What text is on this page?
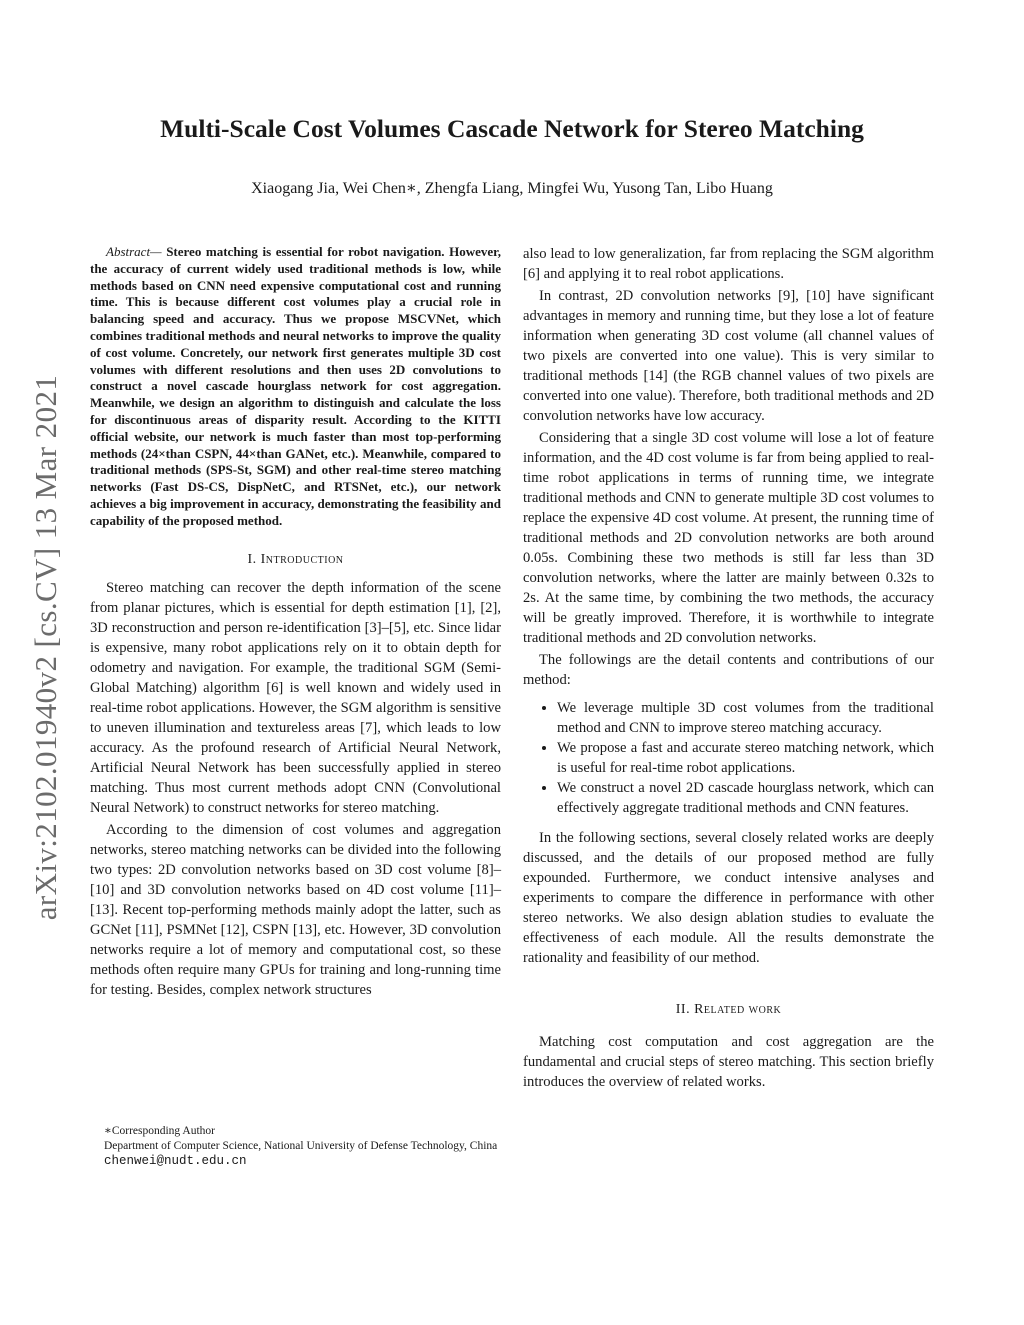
arXiv:2102.01940v2 [cs.CV] 13 Mar 2021
Multi-Scale Cost Volumes Cascade Network for Stereo Matching
Xiaogang Jia, Wei Chen∗, Zhengfa Liang, Mingfei Wu, Yusong Tan, Libo Huang

Abstract— Stereo matching is essential for robot navigation. However, the accuracy of current widely used traditional methods is low, while methods based on CNN need expensive computational cost and running time. This is because different cost volumes play a crucial role in balancing speed and accuracy. Thus we propose MSCVNet, which combines traditional methods and neural networks to improve the quality of cost volume. Concretely, our network first generates multiple 3D cost volumes with different resolutions and then uses 2D convolutions to construct a novel cascade hourglass network for cost aggregation. Meanwhile, we design an algorithm to distinguish and calculate the loss for discontinuous areas of disparity result. According to the KITTI official website, our network is much faster than most top-performing methods (24×than CSPN, 44×than GANet, etc.). Meanwhile, compared to traditional methods (SPS-St, SGM) and other real-time stereo matching networks (Fast DS-CS, DispNetC, and RTSNet, etc.), our network achieves a big improvement in accuracy, demonstrating the feasibility and capability of the proposed method.

I. Introduction

Stereo matching can recover the depth information of the scene from planar pictures, which is essential for depth estimation [1], [2], 3D reconstruction and person re-identification [3]–[5], etc. Since lidar is expensive, many robot applications rely on it to obtain depth for odometry and navigation. For example, the traditional SGM (Semi-Global Matching) algorithm [6] is well known and widely used in real-time robot applications. However, the SGM algorithm is sensitive to uneven illumination and textureless areas [7], which leads to low accuracy. As the profound research of Artificial Neural Network, Artificial Neural Network has been successfully applied in stereo matching. Thus most current methods adopt CNN (Convolutional Neural Network) to construct networks for stereo matching.

According to the dimension of cost volumes and aggregation networks, stereo matching networks can be divided into the following two types: 2D convolution networks based on 3D cost volume [8]–[10] and 3D convolution networks based on 4D cost volume [11]–[13]. Recent top-performing methods mainly adopt the latter, such as GCNet [11], PSMNet [12], CSPN [13], etc. However, 3D convolution networks require a lot of memory and computational cost, so these methods often require many GPUs for training and long-running time for testing. Besides, complex network structures

∗Corresponding Author
Department of Computer Science, National University of Defense Technology, China
chenwei@nudt.edu.cn

also lead to low generalization, far from replacing the SGM algorithm [6] and applying it to real robot applications.

In contrast, 2D convolution networks [9], [10] have significant advantages in memory and running time, but they lose a lot of feature information when generating 3D cost volume (all channel values of two pixels are converted into one value). This is very similar to traditional methods [14] (the RGB channel values of two pixels are converted into one value). Therefore, both traditional methods and 2D convolution networks have low accuracy.

Considering that a single 3D cost volume will lose a lot of feature information, and the 4D cost volume is far from being applied to real-time robot applications in terms of running time, we integrate traditional methods and CNN to generate multiple 3D cost volumes to replace the expensive 4D cost volume. At present, the running time of traditional methods and 2D convolution networks are both around 0.05s. Combining these two methods is still far less than 3D convolution networks, where the latter are mainly between 0.32s to 2s. At the same time, by combining the two methods, the accuracy will be greatly improved. Therefore, it is worthwhile to integrate traditional methods and 2D convolution networks.

The followings are the detail contents and contributions of our method:

• We leverage multiple 3D cost volumes from the traditional method and CNN to improve stereo matching accuracy.
• We propose a fast and accurate stereo matching network, which is useful for real-time robot applications.
• We construct a novel 2D cascade hourglass network, which can effectively aggregate traditional methods and CNN features.

In the following sections, several closely related works are deeply discussed, and the details of our proposed method are fully expounded. Furthermore, we conduct intensive analyses and experiments to compare the difference in performance with other stereo networks. We also design ablation studies to evaluate the effectiveness of each module. All the results demonstrate the rationality and feasibility of our method.

II. Related work

Matching cost computation and cost aggregation are the fundamental and crucial steps of stereo matching. This section briefly introduces the overview of related works.
